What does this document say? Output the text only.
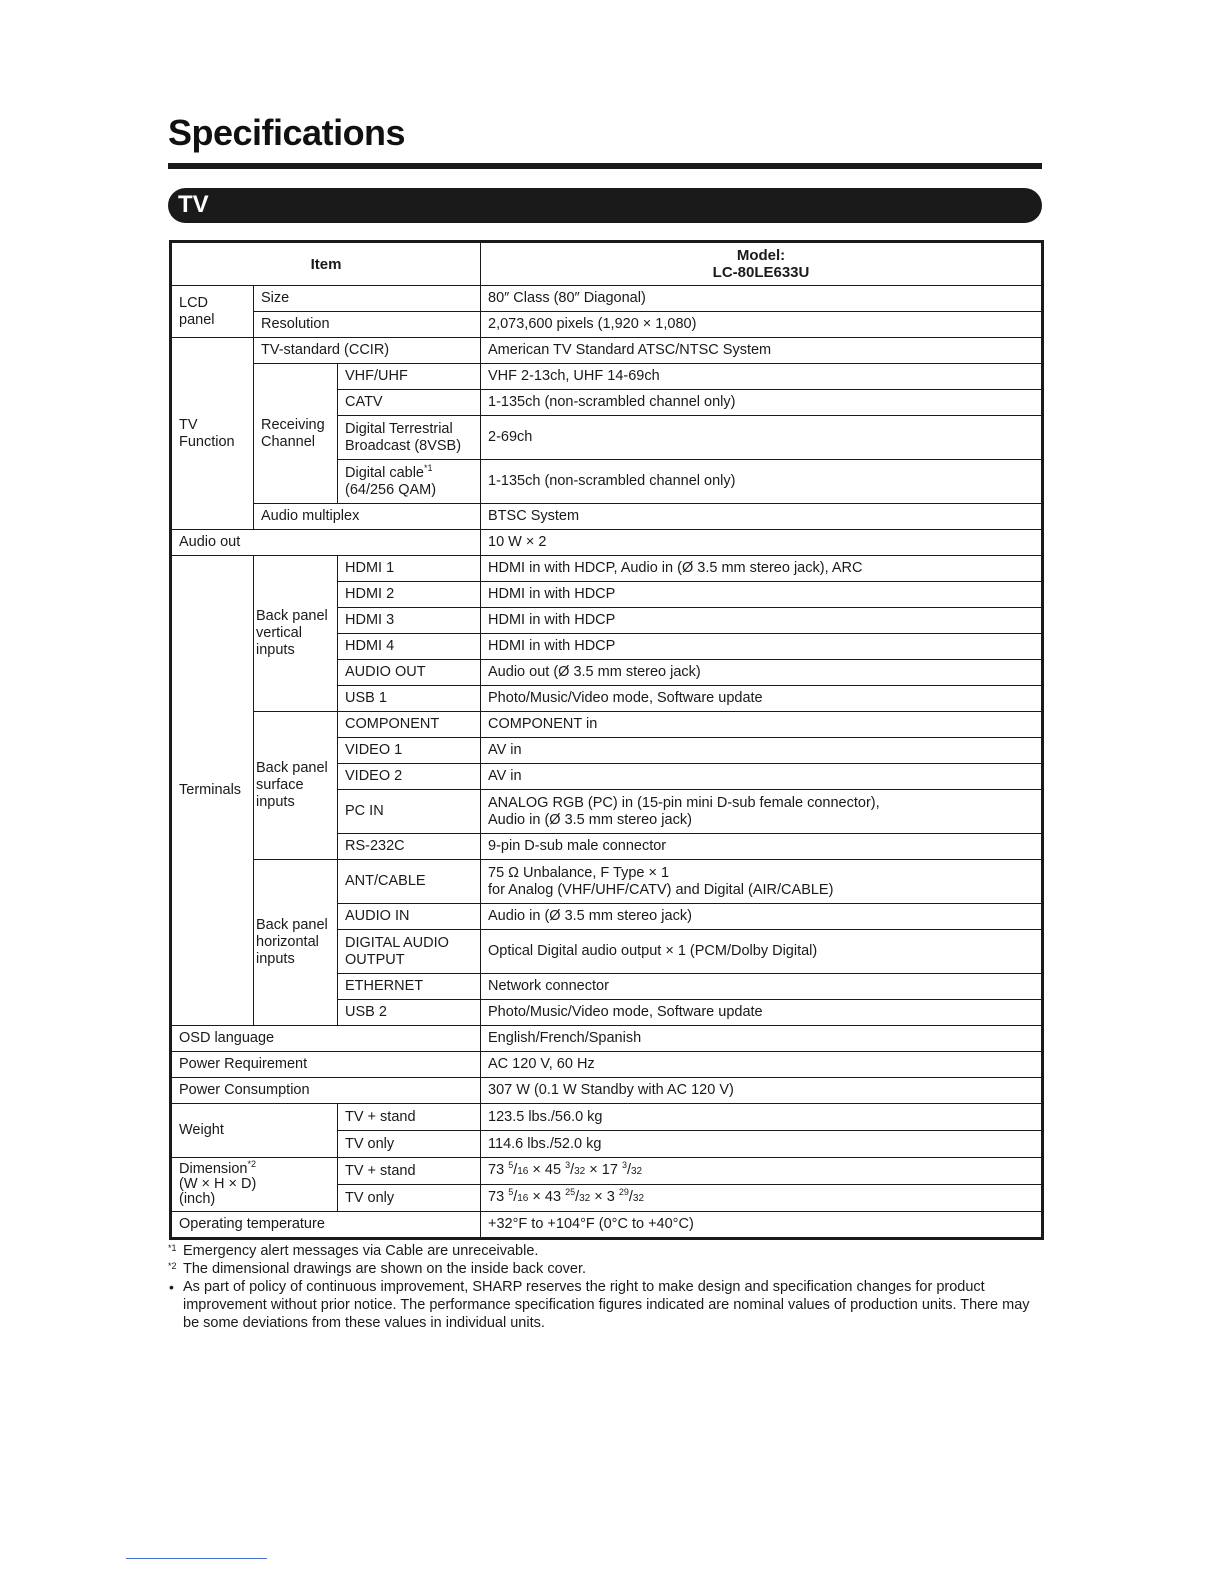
Specifications
TV
Item			Model:
LC-80LE633U

LCD
panel	Size		80″ Class (80″ Diagonal)
	Resolution		2,073,600 pixels (1,920 × 1,080)
TV
Function	TV-standard (CCIR)		American TV Standard ATSC/NTSC System
	Receiving
Channel	VHF/UHF	VHF 2-13ch, UHF 14-69ch
		CATV	1-135ch (non-scrambled channel only)
		Digital Terrestrial
Broadcast (8VSB)	2-69ch
		Digital cable$^{*1}$
(64/256 QAM)	1-135ch (non-scrambled channel only)
	Audio multiplex		BTSC System
Audio out			10 W × 2
Terminals	Back panel
vertical
inputs	HDMI 1	HDMI in with HDCP, Audio in (Ø 3.5 mm stereo jack), ARC
		HDMI 2	HDMI in with HDCP
		HDMI 3	HDMI in with HDCP
		HDMI 4	HDMI in with HDCP
		AUDIO OUT	Audio out (Ø 3.5 mm stereo jack)
		USB 1	Photo/Music/Video mode, Software update
	Back panel
surface
inputs	COMPONENT	COMPONENT in
		VIDEO 1	AV in
		VIDEO 2	AV in
		PC IN	ANALOG RGB (PC) in (15-pin mini D-sub female connector),
Audio in (Ø 3.5 mm stereo jack)
		RS-232C	9-pin D-sub male connector
	Back panel
horizontal
inputs	ANT/CABLE	75 Ω Unbalance, F Type × 1
for Analog (VHF/UHF/CATV) and Digital (AIR/CABLE)
		AUDIO IN	Audio in (Ø 3.5 mm stereo jack)
		DIGITAL AUDIO
OUTPUT	Optical Digital audio output × 1 (PCM/Dolby Digital)
		ETHERNET	Network connector
		USB 2	Photo/Music/Video mode, Software update
OSD language			English/French/Spanish
Power Requirement			AC 120 V, 60 Hz
Power Consumption			307 W (0.1 W Standby with AC 120 V)
Weight		TV + stand	123.5 lbs./56.0 kg
		TV only	114.6 lbs./52.0 kg
Dimension$^{*2}$
(W × H × D)
(inch)		TV + stand	73 $^5$/16 × 45 $^3$/32 × 17 $^3$/32
		TV only	73 $^5$/16 × 43 $^{25}$/32 × 3 $^{29}$/32
Operating temperature			+32°F to +104°F (0°C to +40°C)
*1 Emergency alert messages via Cable are unreceivable.
*2 The dimensional drawings are shown on the inside back cover.
• As part of policy of continuous improvement, SHARP reserves the right to make design and specification changes for product improvement without prior notice. The performance specification figures indicated are nominal values of production units. There may be some deviations from these values in individual units.
